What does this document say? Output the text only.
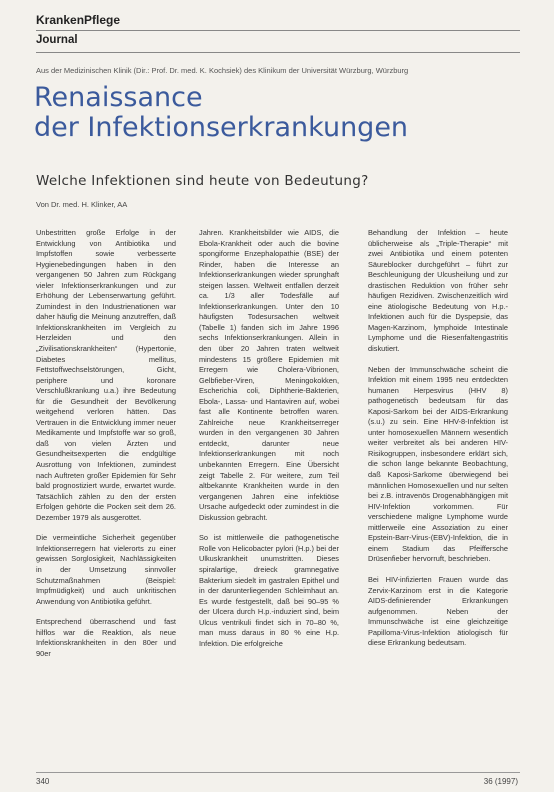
KrankenPflege
Journal
Aus der Medizinischen Klinik (Dir.: Prof. Dr. med. K. Kochsiek) des Klinikum der Universität Würzburg, Würzburg
Renaissance
der Infektionserkrankungen
Welche Infektionen sind heute von Bedeutung?
Von Dr. med. H. Klinker, AA

Unbestritten große Erfolge in der Entwicklung von Antibiotika und Impfstoffen sowie verbesserte Hygienebedingungen haben in den vergangenen 50 Jahren zum Rückgang vieler Infektionserkrankungen und zur Erhöhung der Lebenserwartung geführt. Zumindest in den Industrienationen war daher häufig die Meinung anzutreffen, daß Infektionskrankheiten im Vergleich zu Herzleiden und den „Zivilisationskrankheiten“ (Hypertonie, Diabetes mellitus, Fettstoffwechselstörungen, Gicht, periphere und koronare Verschlußkrankung u.a.) ihre Bedeutung für die Gesundheit der Bevölkerung weitgehend verloren hätten. Das Vertrauen in die Entwicklung immer neuer Medikamente und Impfstoffe war so groß, daß von vielen Ärzten und Gesundheitsexperten die endgültige Ausrottung von Infektionen, zumindest nach Auftreten großer Epidemien für Sehr bald prognostiziert wurde, erwartet wurde. Tatsächlich zählen zu den der ersten Erfolgen gehörte die Pocken seit dem 26. Dezember 1979 als ausgerottet.

Die vermeintliche Sicherheit gegenüber Infektionserregern hat vielerorts zu einer gewissen Sorglosigkeit, Nachlässigkeiten in der Umsetzung sinnvoller Schutzmaßnahmen (Beispiel: Impfmüdigkeit) und auch unkritischen Anwendung von Antibiotika geführt.

Entsprechend überraschend und fast hilflos war die Reaktion, als neue Infektionskrankheiten in den 80er und 90er

Jahren. Krankheitsbilder wie AIDS, die Ebola-Krankheit oder auch die bovine spongiforme Enzephalopathie (BSE) der Rinder, haben die Interesse an Infektionserkrankungen wieder sprunghaft steigen lassen. Weltweit entfallen derzeit ca. 1/3 aller Todesfälle auf Infektionserkrankungen. Unter den 10 häufigsten Todesursachen weltweit (Tabelle 1) fanden sich im Jahre 1996 sechs Infektionserkrankungen. Allein in den über 20 Jahren traten weltweit mindestens 15 größere Epidemien mit Erregern wie Cholera-Vibrionen, Gelbfieber-Viren, Meningokokken, Escherichia coli, Diphtherie-Bakterien, Ebola-, Lassa- und Hantaviren auf, wobei fast alle Kontinente betroffen waren. Zahlreiche neue Krankheitserreger wurden in den vergangenen 30 Jahren entdeckt, darunter neue Infektionserkrankungen mit noch unbekannten Erregern. Eine Übersicht zeigt Tabelle 2. Für weitere, zum Teil altbekannte Krankheiten wurde in den vergangenen Jahren eine infektiöse Ursache aufgedeckt oder zumindest in die Diskussion gebracht.

So ist mittlerweile die pathogenetische Rolle von Helicobacter pylori (H.p.) bei der Ulkuskrankheit unumstritten. Dieses spiralartige, dreieck gramnegative Bakterium siedelt im gastralen Epithel und in der darunterliegenden Schleimhaut an. Es wurde festgestellt, daß bei 90–95 % der Ulcera durch H.p.-induziert sind, beim Ulcus ventrikuli findet sich in 70–80 %, man muss daraus in 80 % eine H.p. Infektion. Die erfolgreiche

Behandlung der Infektion – heute üblicherweise als „Triple-Therapie“ mit zwei Antibiotika und einem potenten Säureblocker durchgeführt – führt zur Beschleunigung der Ulcusheilung und zur drastischen Reduktion von früher sehr häufigen Rezidiven. Zwischenzeitlich wird eine ätiologische Bedeutung von H.p.-Infektionen auch für die Dyspepsie, das Magen-Karzinom, lymphoide Intestinale Lymphome und die Riesenfaltengastritis diskutiert.

Neben der Immunschwäche scheint die Infektion mit einem 1995 neu entdeckten humanen Herpesvirus (HHV 8) pathogenetisch bedeutsam für das Kaposi-Sarkom bei der AIDS-Erkrankung (s.u.) zu sein. Eine HHV-8-Infektion ist unter homosexuellen Männern wesentlich weiter verbreitet als bei anderen HIV-Risikogruppen, insbesondere erklärt sich, die schon lange bekannte Beobachtung, daß Kaposi-Sarkome überwiegend bei männlichen Homosexuellen und nur selten bei z.B. intravenös Drogenabhängigen mit HIV-Infektion vorkommen. Für verschiedene maligne Lymphome wurde mittlerweile eine Assoziation zu einer Epstein-Barr-Virus-(EBV)-Infektion, die in einem Stadium das Pfeiffersche Drüsenfieber hervorruft, beschrieben.

Bei HIV-infizierten Frauen wurde das Zervix-Karzinom erst in die Kategorie AIDS-definierender Erkrankungen aufgenommen. Neben der Immunschwäche ist eine gleichzeitige Papilloma-Virus-Infektion ätiologisch für diese Erkrankung bedeutsam.

340	36 (1997)
